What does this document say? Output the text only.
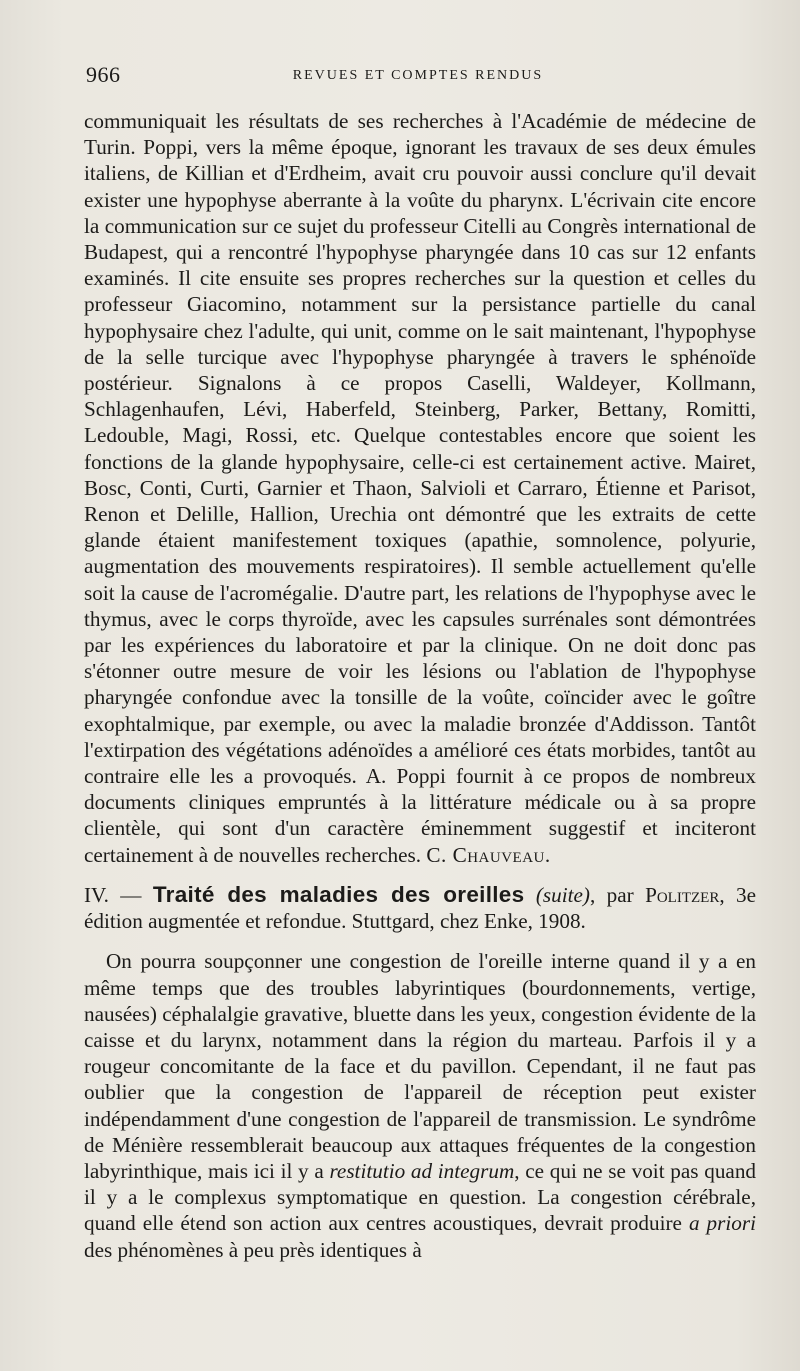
966	REVUES ET COMPTES RENDUS

communiquait les résultats de ses recherches à l'Académie de médecine de Turin. Poppi, vers la même époque, ignorant les travaux de ses deux émules italiens, de Killian et d'Erdheim, avait cru pouvoir aussi conclure qu'il devait exister une hypophyse aberrante à la voûte du pharynx. L'écrivain cite encore la communication sur ce sujet du professeur Citelli au Congrès international de Budapest, qui a rencontré l'hypophyse pharyngée dans 10 cas sur 12 enfants examinés. Il cite ensuite ses propres recherches sur la question et celles du professeur Giacomino, notamment sur la persistance partielle du canal hypophysaire chez l'adulte, qui unit, comme on le sait maintenant, l'hypophyse de la selle turcique avec l'hypophyse pharyngée à travers le sphénoïde postérieur. Signalons à ce propos Caselli, Waldeyer, Kollmann, Schlagenhaufen, Lévi, Haberfeld, Steinberg, Parker, Bettany, Romitti, Ledouble, Magi, Rossi, etc. Quelque contestables encore que soient les fonctions de la glande hypophysaire, celle-ci est certainement active. Mairet, Bosc, Conti, Curti, Garnier et Thaon, Salvioli et Carraro, Étienne et Parisot, Renon et Delille, Hallion, Urechia ont démontré que les extraits de cette glande étaient manifestement toxiques (apathie, somnolence, polyurie, augmentation des mouvements respiratoires). Il semble actuellement qu'elle soit la cause de l'acromégalie. D'autre part, les relations de l'hypophyse avec le thymus, avec le corps thyroïde, avec les capsules surrénales sont démontrées par les expériences du laboratoire et par la clinique. On ne doit donc pas s'étonner outre mesure de voir les lésions ou l'ablation de l'hypophyse pharyngée confondue avec la tonsille de la voûte, coïncider avec le goître exophtalmique, par exemple, ou avec la maladie bronzée d'Addisson. Tantôt l'extirpation des végétations adénoïdes a amélioré ces états morbides, tantôt au contraire elle les a provoqués. A. Poppi fournit à ce propos de nombreux documents cliniques empruntés à la littérature médicale ou à sa propre clientèle, qui sont d'un caractère éminemment suggestif et inciteront certainement à de nouvelles recherches. C. Chauveau.

IV. — Traité des maladies des oreilles (suite), par Politzer, 3e édition augmentée et refondue. Stuttgard, chez Enke, 1908.

On pourra soupçonner une congestion de l'oreille interne quand il y a en même temps que des troubles labyrintiques (bourdonnements, vertige, nausées) céphalalgie gravative, bluette dans les yeux, congestion évidente de la caisse et du larynx, notamment dans la région du marteau. Parfois il y a rougeur concomitante de la face et du pavillon. Cependant, il ne faut pas oublier que la congestion de l'appareil de réception peut exister indépendamment d'une congestion de l'appareil de transmission. Le syndrôme de Ménière ressemblerait beaucoup aux attaques fréquentes de la congestion labyrinthique, mais ici il y a restitutio ad integrum, ce qui ne se voit pas quand il y a le complexus symptomatique en question. La congestion cérébrale, quand elle étend son action aux centres acoustiques, devrait produire a priori des phénomènes à peu près identiques à
